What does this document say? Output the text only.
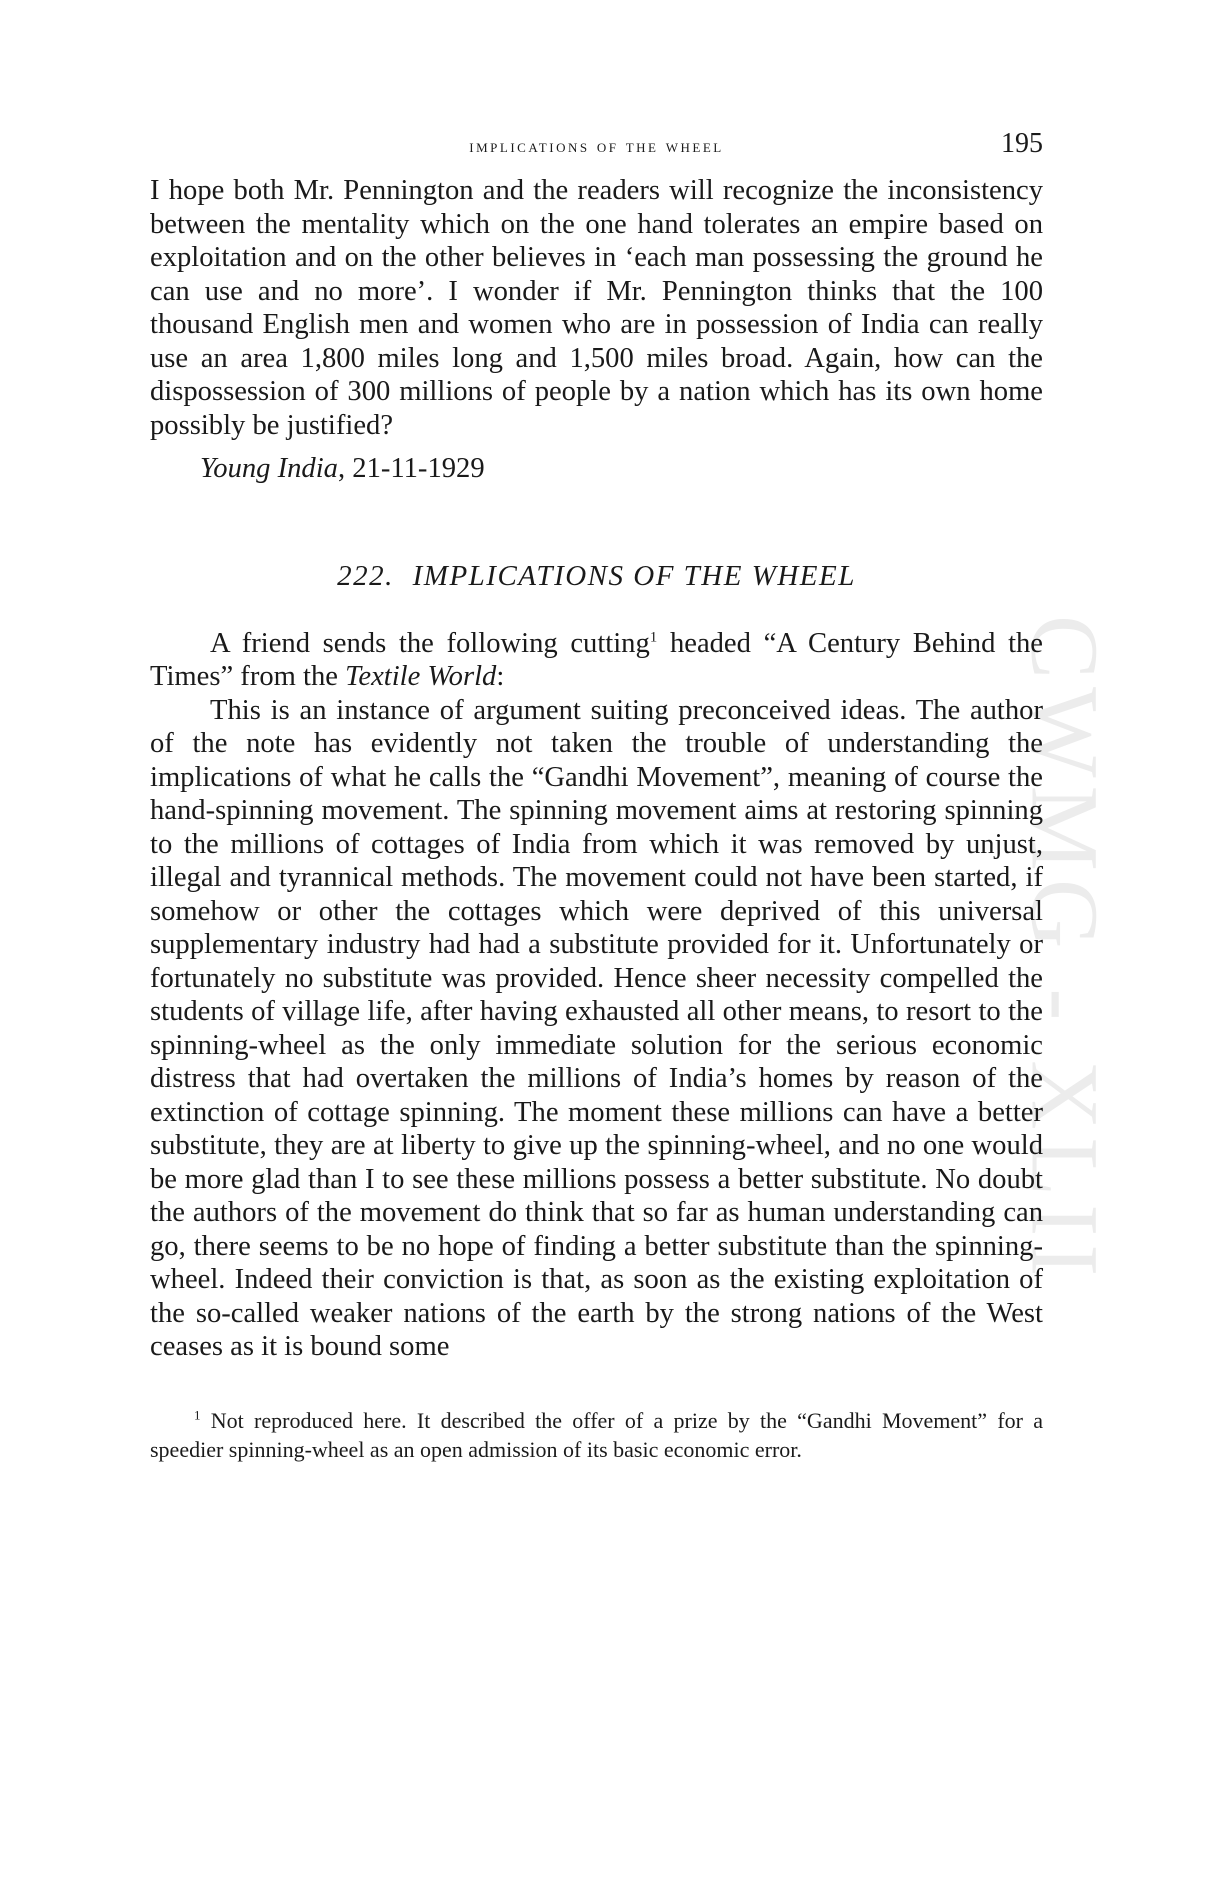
CWMG - XLII
implications of the wheel	195

I hope both Mr. Pennington and the readers will recognize the inconsistency between the mentality which on the one hand tolerates an empire based on exploitation and on the other believes in ‘each man possessing the ground he can use and no more’. I wonder if Mr. Pennington thinks that the 100 thousand English men and women who are in possession of India can really use an area 1,800 miles long and 1,500 miles broad. Again, how can the dispossession of 300 millions of people by a nation which has its own home possibly be justified?

Young India, 21-11-1929

222. IMPLICATIONS OF THE WHEEL

A friend sends the following cutting$^1$ headed “A Century Behind the Times” from the Textile World:

This is an instance of argument suiting preconceived ideas. The author of the note has evidently not taken the trouble of understanding the implications of what he calls the “Gandhi Movement”, meaning of course the hand-spinning movement. The spinning movement aims at restoring spinning to the millions of cottages of India from which it was removed by unjust, illegal and tyrannical methods. The movement could not have been started, if somehow or other the cottages which were deprived of this universal supplementary industry had had a substitute provided for it. Unfortunately or fortunately no substitute was provided. Hence sheer necessity compelled the students of village life, after having exhausted all other means, to resort to the spinning-wheel as the only immediate solution for the serious economic distress that had overtaken the millions of India’s homes by reason of the extinction of cottage spinning. The moment these millions can have a better substitute, they are at liberty to give up the spinning-wheel, and no one would be more glad than I to see these millions possess a better substitute. No doubt the authors of the movement do think that so far as human understanding can go, there seems to be no hope of finding a better substitute than the spinning-wheel. Indeed their conviction is that, as soon as the existing exploitation of the so-called weaker nations of the earth by the strong nations of the West ceases as it is bound some

$^1$ Not reproduced here. It described the offer of a prize by the “Gandhi Movement” for a speedier spinning-wheel as an open admission of its basic economic error.
